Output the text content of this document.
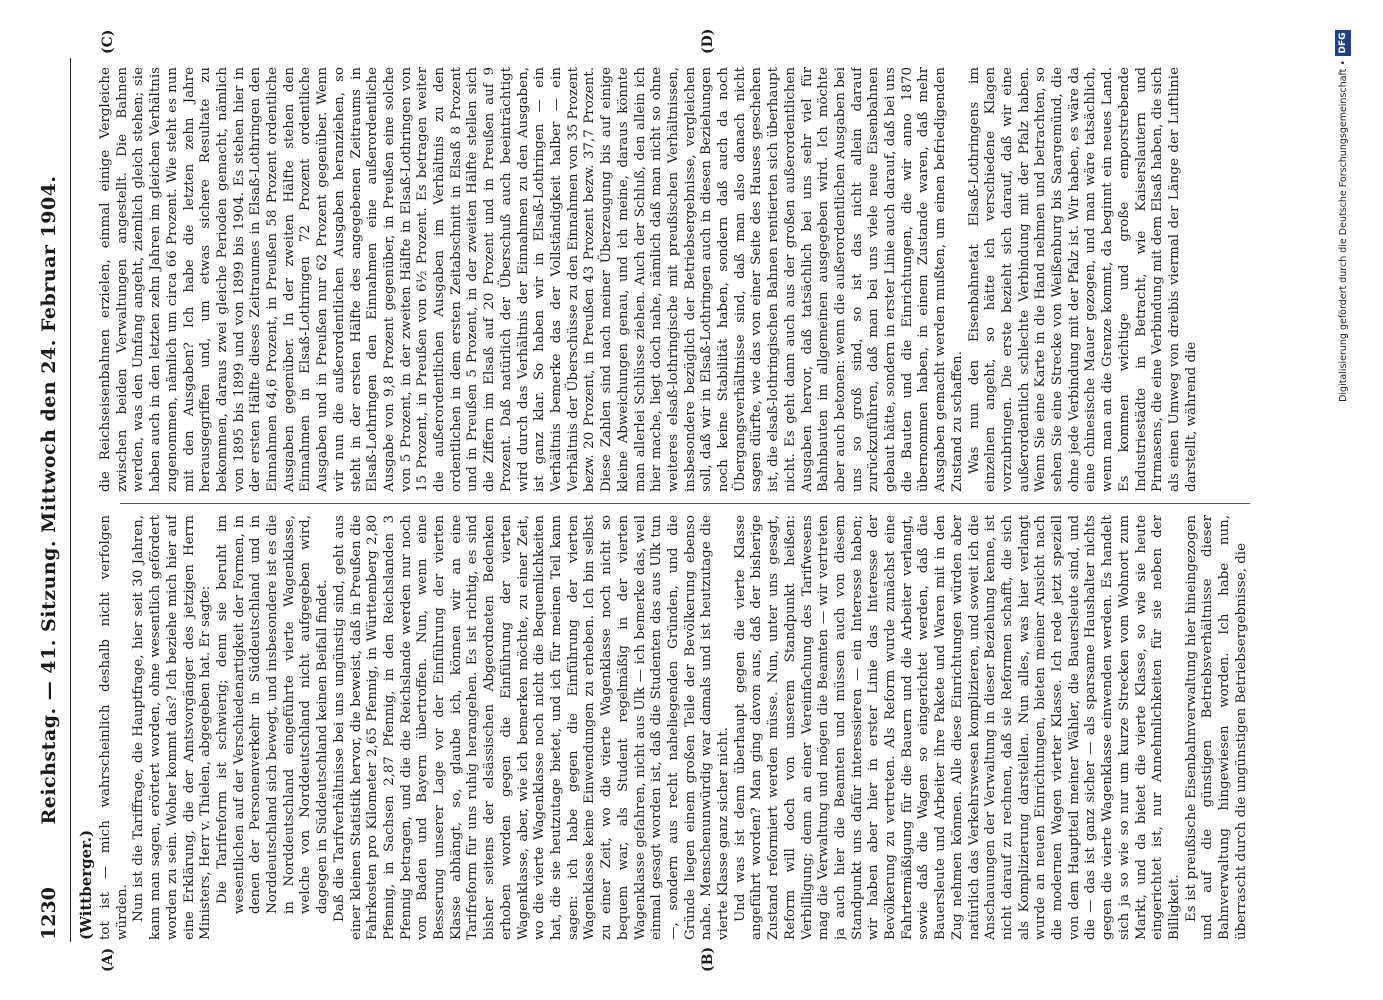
1230
Reichstag. — 41. Sitzung. Mittwoch den 24. Februar 1904.
(Wittberger.)
(A)	(B)
(C)	(D)

tot ist — mich wahrscheinlich deshalb nicht verfolgen würden. Nun ist die Tariffrage, die Hauptfrage, hier seit 30 Jahren, kann man sagen, erörtert worden, ohne wesentlich gefördert worden zu sein. Woher kommt das? Ich beziehe mich hier auf eine Erklärung, die der Amtsvorgänger des jetzigen Herrn Ministers, Herr v. Thielen, abgegeben hat. Er sagte: Die Tarifreform ist schwierig; denn sie beruht im wesentlichen auf der Verschiedenartigkeit der Formen, in denen der Personenverkehr in Süddeutschland und in Norddeutschland sich bewegt, und insbesondere ist es die in Norddeutschland eingeführte vierte Wagenklasse, welche von Norddeutschland nicht aufgegeben wird, dagegen in Süddeutschland keinen Beifall findet. Daß die Tarifverhältnisse bei uns ungünstig sind, geht aus einer kleinen Statistik hervor, die beweist, daß in Preußen die Fahrkosten pro Kilometer 2,65 Pfennig, in Württemberg 2,80 Pfennig, in Sachsen 2,87 Pfennig, in den Reichslanden 3 Pfennig betragen, und die die Reichslande werden nur noch von Baden und Bayern übertroffen. Nun, wenn eine Besserung unserer Lage vor der Einführung der vierten Klasse abhängt, so, glaube ich, können wir an eine Tarifreform für uns ruhig herangehen. Es ist richtig, es sind bisher seitens der elsässischen Abgeordneten Bedenken erhoben worden gegen die Einführung der vierten Wagenklasse, aber, wie ich bemerken möchte, zu einer Zeit, wo die vierte Wagenklasse noch nicht die Bequemlichkeiten hat, die sie heutzutage bietet, und ich für meinen Teil kann sagen: ich habe gegen die Einführung der vierten Wagenklasse keine Einwendungen zu erheben. Ich bin selbst zu einer Zeit, wo die vierte Wagenklasse noch nicht so bequem war, als Student regelmäßig in der vierten Wagenklasse gefahren, nicht aus Ulk — ich bemerke das, weil einmal gesagt worden ist, daß die Studenten das aus Ulk tun —, sondern aus recht naheliegenden Gründen, und die Gründe liegen einem großen Teile der Bevölkerung ebenso nahe. Menschenunwürdig war damals und ist heutzutage die vierte Klasse ganz sicher nicht. Und was ist denn überhaupt gegen die vierte Klasse angeführt worden? Man ging davon aus, daß der bisherige Zustand reformiert werden müsse. Nun, unter uns gesagt, Reform will doch von unserem Standpunkt heißen: Verbilligung; denn an einer Vereinfachung des Tarifwesens mag die Verwaltung und mögen die Beamten — wir vertreten ja auch hier die Beamten und müssen auch von diesem Standpunkt uns dafür interessieren — ein Interesse haben; wir haben aber hier in erster Linie das Interesse der Bevölkerung zu vertreten. Als Reform wurde zunächst eine Fahrtermäßigung für die Bauern und die Arbeiter verlangt, sowie daß die Wagen so eingerichtet werden, daß die Bauersleute und Arbeiter ihre Pakete und Waren mit in den Zug nehmen können. Alle diese Einrichtungen würden aber natürlich das Verkehrswesen komplizieren, und soweit ich die Anschauungen der Verwaltung in dieser Beziehung kenne, ist nicht darauf zu rechnen, daß sie Reformen schafft, die sich als Komplizierung darstellen. Nun alles, was hier verlangt wurde an neuen Einrichtungen, bieten meiner Ansicht nach die modernen Wagen vierter Klasse. Ich rede jetzt speziell von dem Hauptteil meiner Wähler, die Bauersleute sind, und die — das ist ganz sicher — als sparsame Haushalter nichts gegen die vierte Wagenklasse einwenden werden. Es handelt sich ja so wie so nur um kurze Strecken vom Wohnort zum Markt, und da bietet die vierte Klasse, so wie sie heute eingerichtet ist, nur Annehmlichkeiten für sie neben der Billigkeit. Es ist preußische Eisenbahnverwaltung hier hineingezogen und auf die günstigen Betriebsverhältnisse dieser Bahnverwaltung hingewiesen worden. Ich habe nun, überrascht durch die ungünstigen Betriebsergebnisse, die

die Reichseisenbahnen erzielen, einmal einige Vergleiche zwischen beiden Verwaltungen angestellt. Die Bahnen werden, was den Umfang angeht, ziemlich gleich stehen; sie haben auch in den letzten zehn Jahren im gleichen Verhältnis zugenommen, nämlich um circa 66 Prozent. Wie steht es nun mit den Ausgaben? Ich habe die letzten zehn Jahre herausgegriffen und, um etwas sichere Resultate zu bekommen, daraus zwei gleiche Perioden gemacht, nämlich von 1895 bis 1899 und von 1899 bis 1904. Es stehen hier in der ersten Hälfte dieses Zeitraumes in Elsaß-Lothringen den Einnahmen 64,6 Prozent, in Preußen 58 Prozent ordentliche Ausgaben gegenüber. In der zweiten Hälfte stehen den Einnahmen in Elsaß-Lothringen 72 Prozent ordentliche Ausgaben und in Preußen nur 62 Prozent gegenüber. Wenn wir nun die außerordentlichen Ausgaben heranziehen, so steht in der ersten Hälfte des angegebenen Zeitraums in Elsaß-Lothringen den Einnahmen eine außerordentliche Ausgabe von 9,8 Prozent gegenüber, in Preußen eine solche von 5 Prozent, in der zweiten Hälfte in Elsaß-Lothringen von 15 Prozent, in Preußen von 6½ Prozent. Es betragen weiter die außerordentlichen Ausgaben im Verhältnis zu den ordentlichen in dem ersten Zeitabschnitt in Elsaß 8 Prozent und in Preußen 5 Prozent, in der zweiten Hälfte stellen sich die Ziffern im Elsaß auf 20 Prozent und in Preußen auf 9 Prozent. Daß natürlich der Überschuß auch beeinträchtigt wird durch das Verhältnis der Einnahmen zu den Ausgaben, ist ganz klar. So haben wir in Elsaß-Lothringen — ein Verhältnis bemerke das der Vollständigkeit halber — ein Verhältnis der Überschüsse zu den Einnahmen von 35 Prozent bezw. 20 Prozent, in Preußen 43 Prozent bezw. 37,7 Prozent. Diese Zahlen sind nach meiner Überzeugung bis auf einige kleine Abweichungen genau, und ich meine, daraus könnte man allerlei Schlüsse ziehen. Auch der Schluß, den allein ich hier mache, liegt doch nahe, nämlich daß man nicht so ohne weiteres elsaß-lothringische mit preußischen Verhältnissen, insbesondere bezüglich der Betriebsergebnisse, vergleichen soll, daß wir in Elsaß-Lothringen auch in diesen Beziehungen noch keine Stabilität haben, sondern daß auch da noch Übergangsverhältnisse sind, daß man also danach nicht sagen dürfte, wie das von einer Seite des Hauses geschehen ist, die elsaß-lothringischen Bahnen rentierten sich überhaupt nicht. Es geht dann auch aus der großen außerordentlichen Ausgaben hervor, daß tatsächlich bei uns sehr viel für Bahnbauten im allgemeinen ausgegeben wird. Ich möchte aber auch betonen: wenn die außerordentlichen Ausgaben bei uns so groß sind, so ist das nicht allein darauf zurückzuführen, daß man bei uns viele neue Eisenbahnen gebaut hätte, sondern in erster Linie auch darauf, daß bei uns die Bauten und die Einrichtungen, die wir anno 1870 übernommen haben, in einem Zustande waren, daß mehr Ausgaben gemacht werden mußten, um einen befriedigenden Zustand zu schaffen. Was nun den Eisenbahnetat Elsaß-Lothringens im einzelnen angeht, so hätte ich verschiedene Klagen vorzubringen. Die erste bezieht sich darauf, daß wir eine außerordentlich schlechte Verbindung mit der Pfalz haben. Wenn Sie eine Karte in die Hand nehmen und betrachten, so sehen Sie eine Strecke von Weißenburg bis Saargemünd, die ohne jede Verbindung mit der Pfalz ist. Wir haben, es wäre da eine chinesische Mauer gezogen, und man wäre tatsächlich, wenn man an die Grenze kommt, da beginnt ein neues Land. Es kommen wichtige und große emporstrebende Industriestädte in Betracht, wie Kaiserslautern und Pirmasens, die eine Verbindung mit dem Elsaß haben, die sich als einen Umweg von dreibis viermal der Länge der Luftlinie darstellt, während die

Digitalisierung gefördert durch die Deutsche Forschungsgemeinschaft •
DFG
